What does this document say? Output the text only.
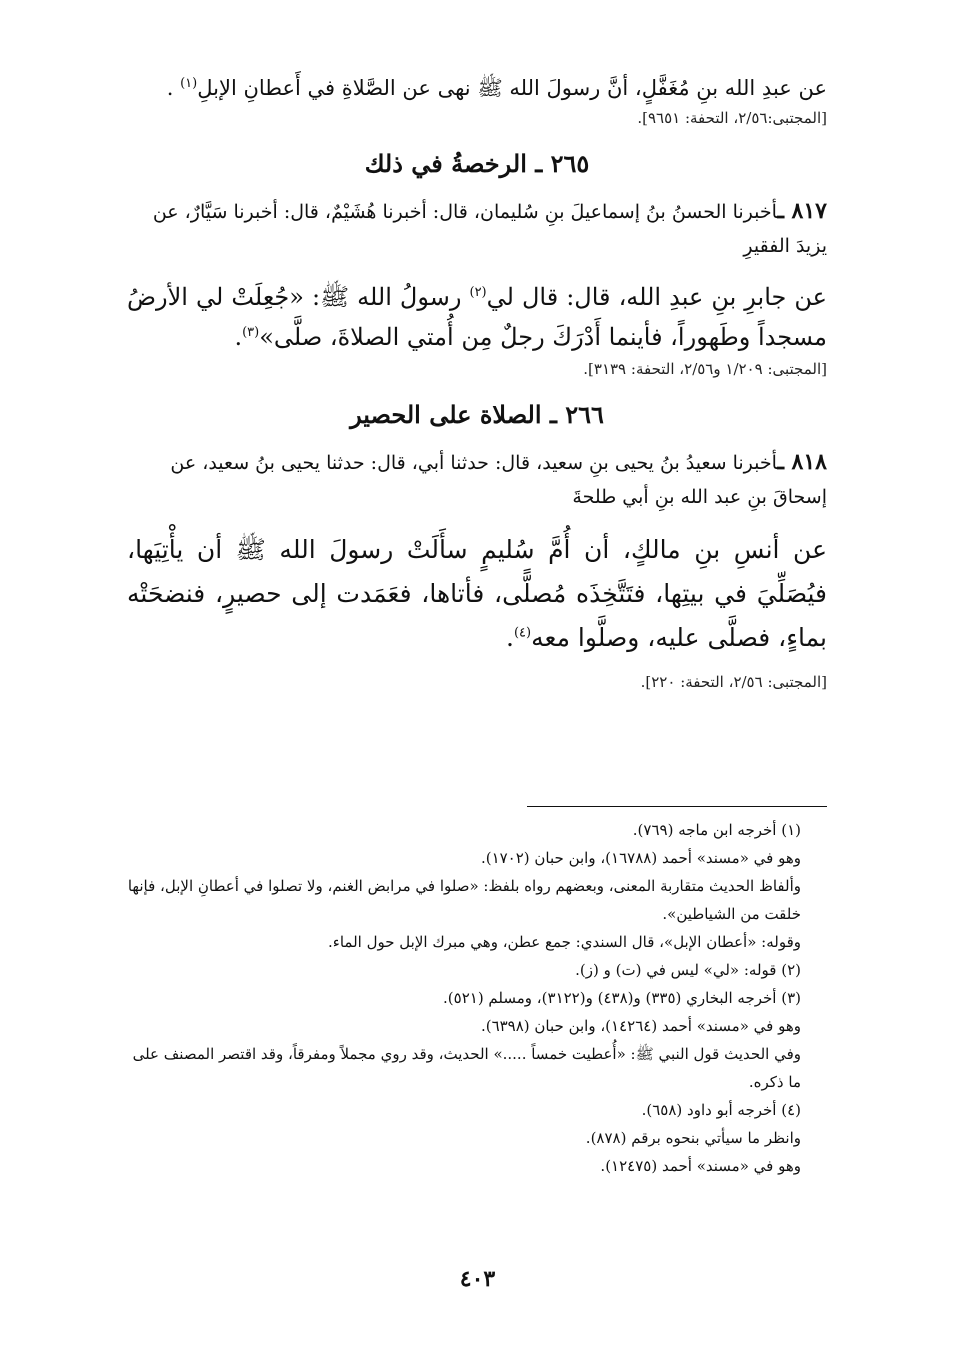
عن عبدِ الله بنِ مُغَفَّلٍ، أنَّ رسولَ الله ﷺ نهى عن الصَّلاةِ في أَعطانِ الإبلِ$^{(١)}$ .

[المجتبى:٢/٥٦، التحفة: ٩٦٥١].

٢٦٥ ـ الرخصةُ في ذلك

٨١٧ ـأخبرنا الحسنُ بنُ إسماعيلَ بنِ سُليمان، قال: أخبرنا هُشَيْمٌ، قال: أخبرنا سَيَّارٌ، عن يزيدَ الفقيرِ

عن جابرِ بنِ عبدِ الله، قال: قال لي$^{(٢)}$ رسولُ الله ﷺ: «جُعِلَتْ لي الأرضُ مسجداً وطَهوراً، فأينما أَدْرَكَ رجلٌ مِن أُمتي الصلاةَ، صلَّى»$^{(٣)}$.

[المجتبى: ١/٢٠٩ و٢/٥٦، التحفة: ٣١٣٩].

٢٦٦ ـ الصلاة على الحصير

٨١٨ ـأخبرنا سعيدُ بنُ يحيى بنِ سعيد، قال: حدثنا أبي، قال: حدثنا يحيى بنُ سعيد، عن إسحاقَ بنِ عبد الله بنِ أبي طلحةَ

عن أنسِ بنِ مالكٍ، أن أُمَّ سُليمٍ سأَلَتْ رسولَ الله ﷺ أن يأْتِيَها، فيُصَلِّيَ في بيتِها، فتَتَّخِذَه مُصلًّى، فأتاها، فعَمَدت إلى حصيرٍ، فنضحَتْه بماءٍ، فصلَّى عليه، وصلَّوا معه$^{(٤)}$.

[المجتبى: ٢/٥٦، التحفة: ٢٢٠].

(١) أخرجه ابن ماجه (٧٦٩).

وهو في «مسند» أحمد (١٦٧٨٨)، وابن حبان (١٧٠٢).

وألفاظ الحديث متقاربة المعنى، وبعضهم رواه بلفظ: «صلوا في مرابض الغنم، ولا تصلوا في أعطانِ الإبل، فإنها خلقت من الشياطين».

وقوله: «أعطان الإبل»، قال السندي: جمع عطن، وهي مبرك الإبل حول الماء.

(٢) قوله: «لي» ليس في (ت) و (ز).

(٣) أخرجه البخاري (٣٣٥) و(٤٣٨) و(٣١٢٢)، ومسلم (٥٢١).

وهو في «مسند» أحمد (١٤٢٦٤)، وابن حبان (٦٣٩٨).

وفي الحديث قول النبي ﷺ: «أُعطيت خمساً .....» الحديث، وقد روي مجملاً ومفرقاً، وقد اقتصر المصنف على ما ذكره.

(٤) أخرجه أبو داود (٦٥٨).

وانظر ما سيأتي بنحوه برقم (٨٧٨).

وهو في «مسند» أحمد (١٢٤٧٥).

٤٠٣
